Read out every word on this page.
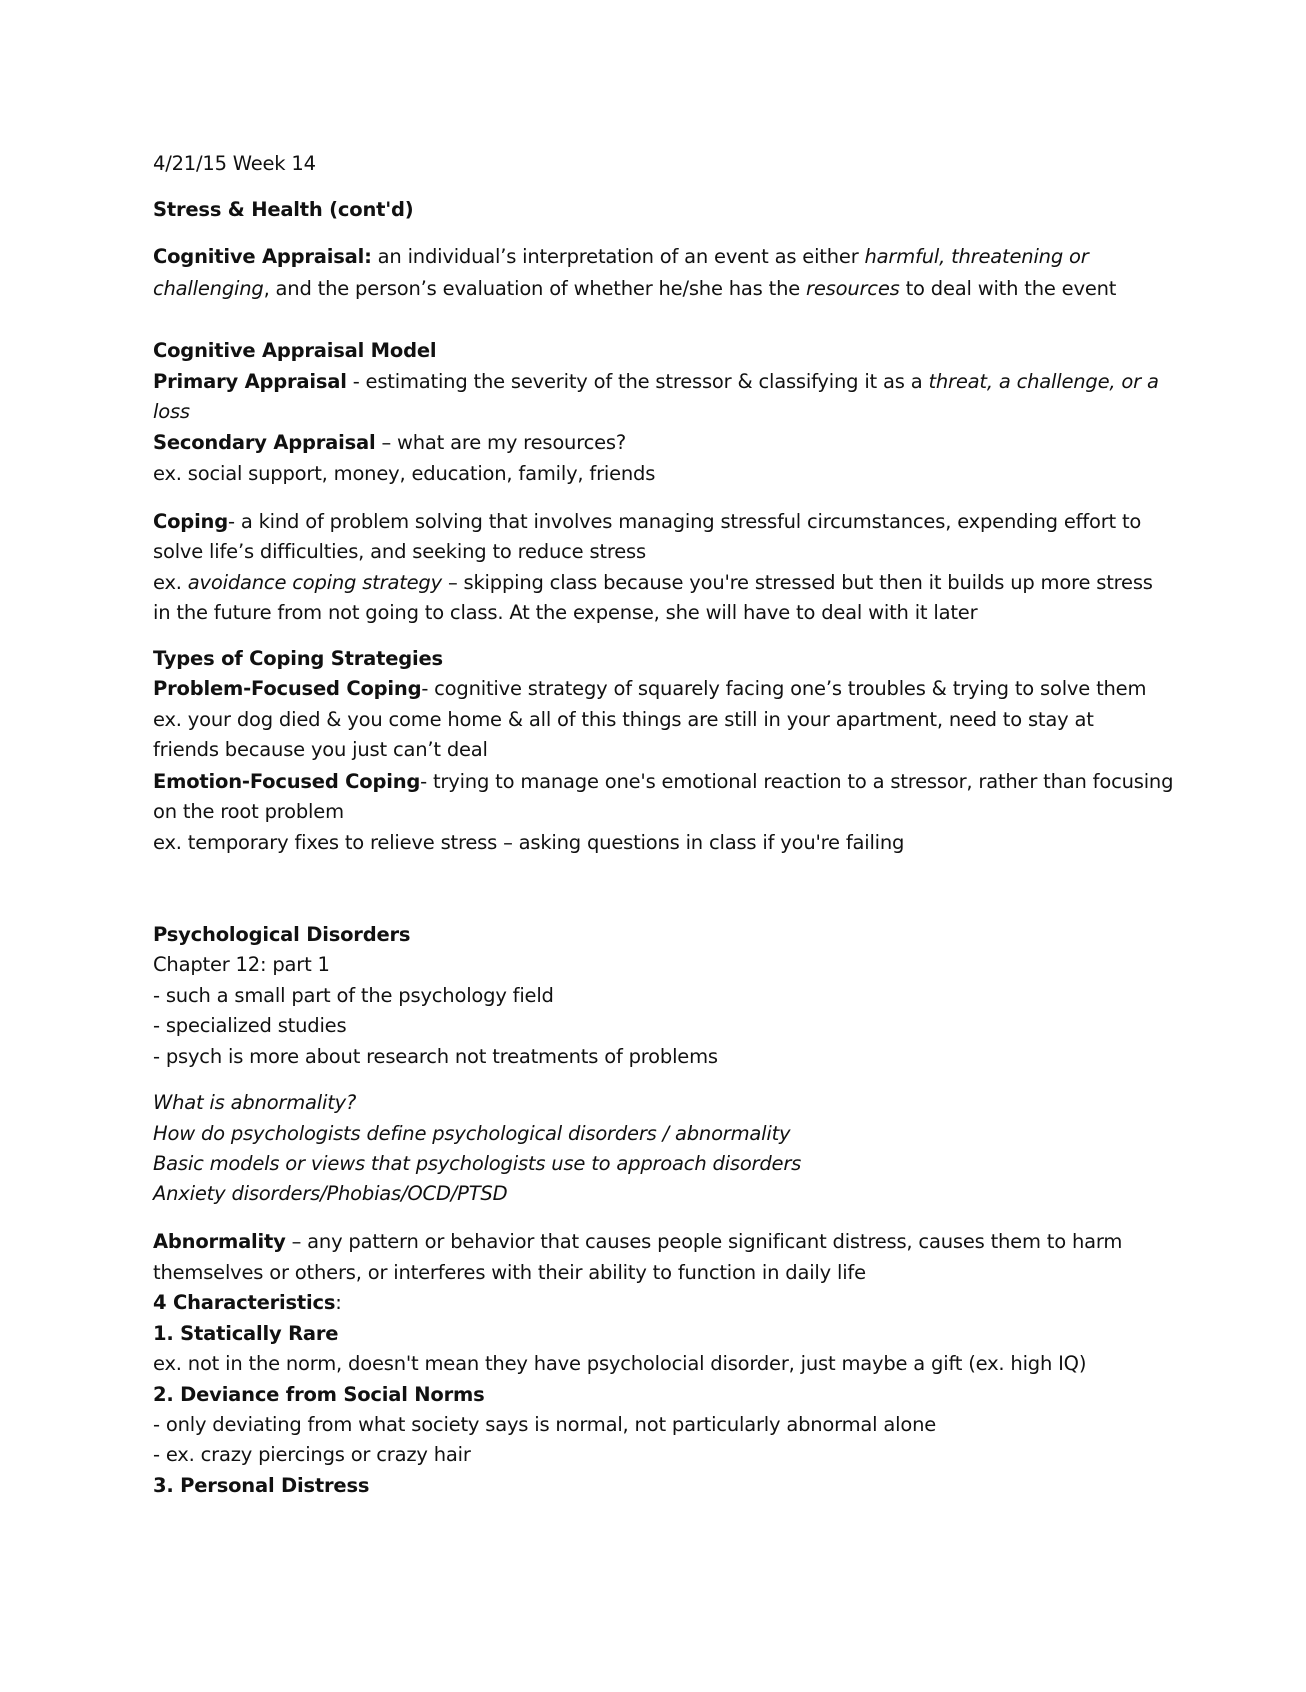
4/21/15 Week 14
Stress & Health (cont'd)
Cognitive Appraisal: an individual’s interpretation of an event as either harmful, threatening or
challenging, and the person’s evaluation of whether he/she has the resources to deal with the event
Cognitive Appraisal Model
Primary Appraisal - estimating the severity of the stressor & classifying it as a threat, a challenge, or a
loss
Secondary Appraisal – what are my resources?
ex. social support, money, education, family, friends
Coping- a kind of problem solving that involves managing stressful circumstances, expending effort to
solve life’s difficulties, and seeking to reduce stress
ex. avoidance coping strategy – skipping class because you're stressed but then it builds up more stress
in the future from not going to class. At the expense, she will have to deal with it later
Types of Coping Strategies
Problem-Focused Coping- cognitive strategy of squarely facing one’s troubles & trying to solve them
ex. your dog died & you come home & all of this things are still in your apartment, need to stay at
friends because you just can’t deal
Emotion-Focused Coping- trying to manage one's emotional reaction to a stressor, rather than focusing
on the root problem
ex. temporary fixes to relieve stress – asking questions in class if you're failing
Psychological Disorders
Chapter 12: part 1
- such a small part of the psychology field
- specialized studies
- psych is more about research not treatments of problems
What is abnormality?
How do psychologists define psychological disorders / abnormality
Basic models or views that psychologists use to approach disorders
Anxiety disorders/Phobias/OCD/PTSD
Abnormality – any pattern or behavior that causes people significant distress, causes them to harm
themselves or others, or interferes with their ability to function in daily life
4 Characteristics:
1. Statically Rare
ex. not in the norm, doesn't mean they have psycholocial disorder, just maybe a gift (ex. high IQ)
2. Deviance from Social Norms
- only deviating from what society says is normal, not particularly abnormal alone
- ex. crazy piercings or crazy hair
3. Personal Distress
